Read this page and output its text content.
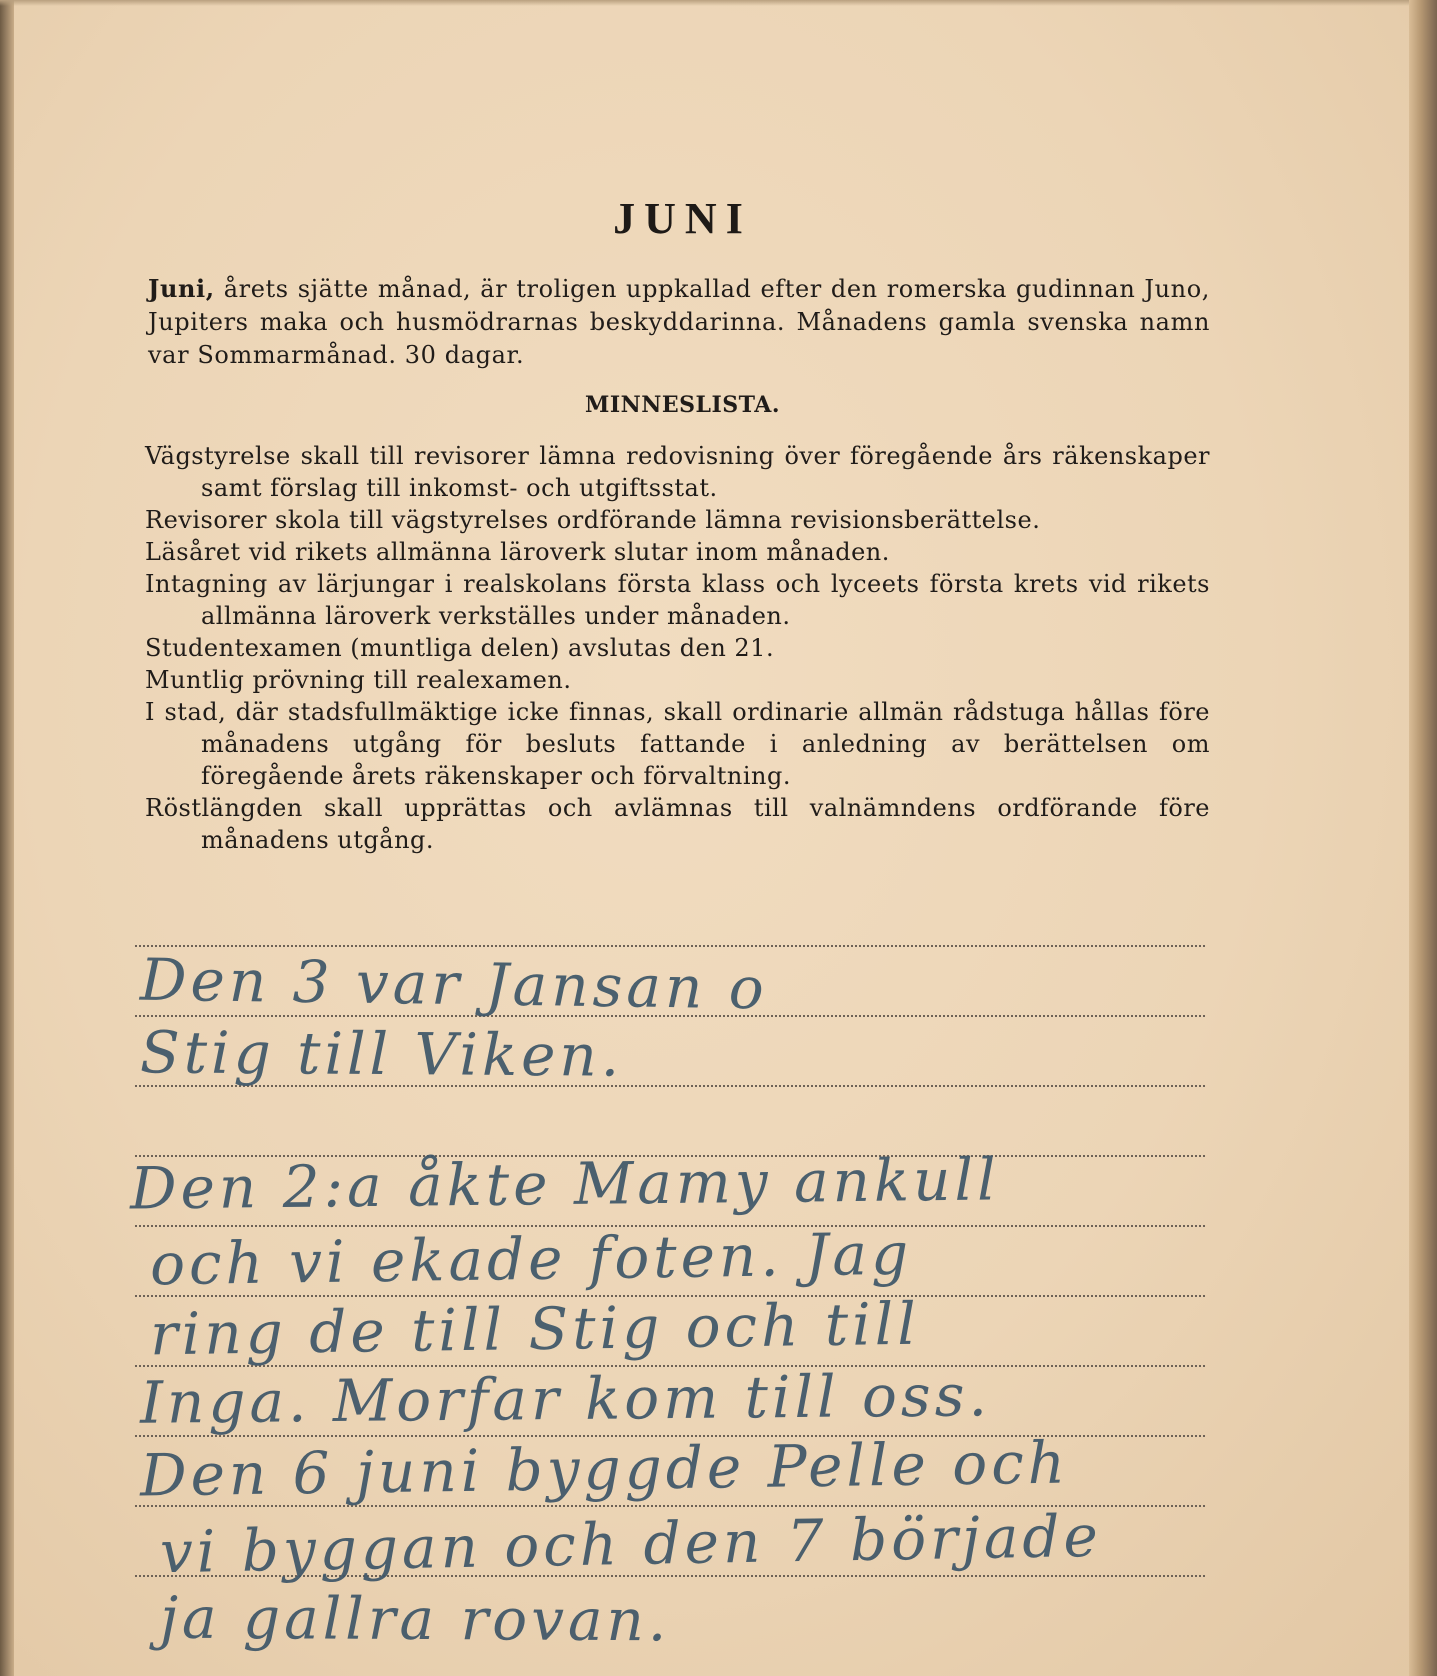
JUNI
Juni, årets sjätte månad, är troligen uppkallad efter den romerska gudinnan Juno, Jupiters maka och husmödrarnas beskyddarinna. Månadens gamla svenska namn var Sommarmånad. 30 dagar.
MINNESLISTA.
Vägstyrelse skall till revisorer lämna redovisning över föregående års räkenskaper samt förslag till inkomst- och utgiftsstat.
Revisorer skola till vägstyrelses ordförande lämna revisionsberättelse.
Läsåret vid rikets allmänna läroverk slutar inom månaden.
Intagning av lärjungar i realskolans första klass och lyceets första krets vid rikets allmänna läroverk verkställes under månaden.
Studentexamen (muntliga delen) avslutas den 21.
Muntlig prövning till realexamen.
I stad, där stadsfullmäktige icke finnas, skall ordinarie allmän rådstuga hållas före månadens utgång för besluts fattande i anledning av berättelsen om föregående årets räkenskaper och förvaltning.
Röstlängden skall upprättas och avlämnas till valnämndens ordförande före månadens utgång.
Den 3 var Jansan o
Stig till Viken.
Den 2:a åkte Mamy ankull
och vi ekade foten. Jag
ring de till Stig och till
Inga. Morfar kom till oss.
Den 6 juni byggde Pelle och
vi byggan och den 7 började
ja gallra rovan.
